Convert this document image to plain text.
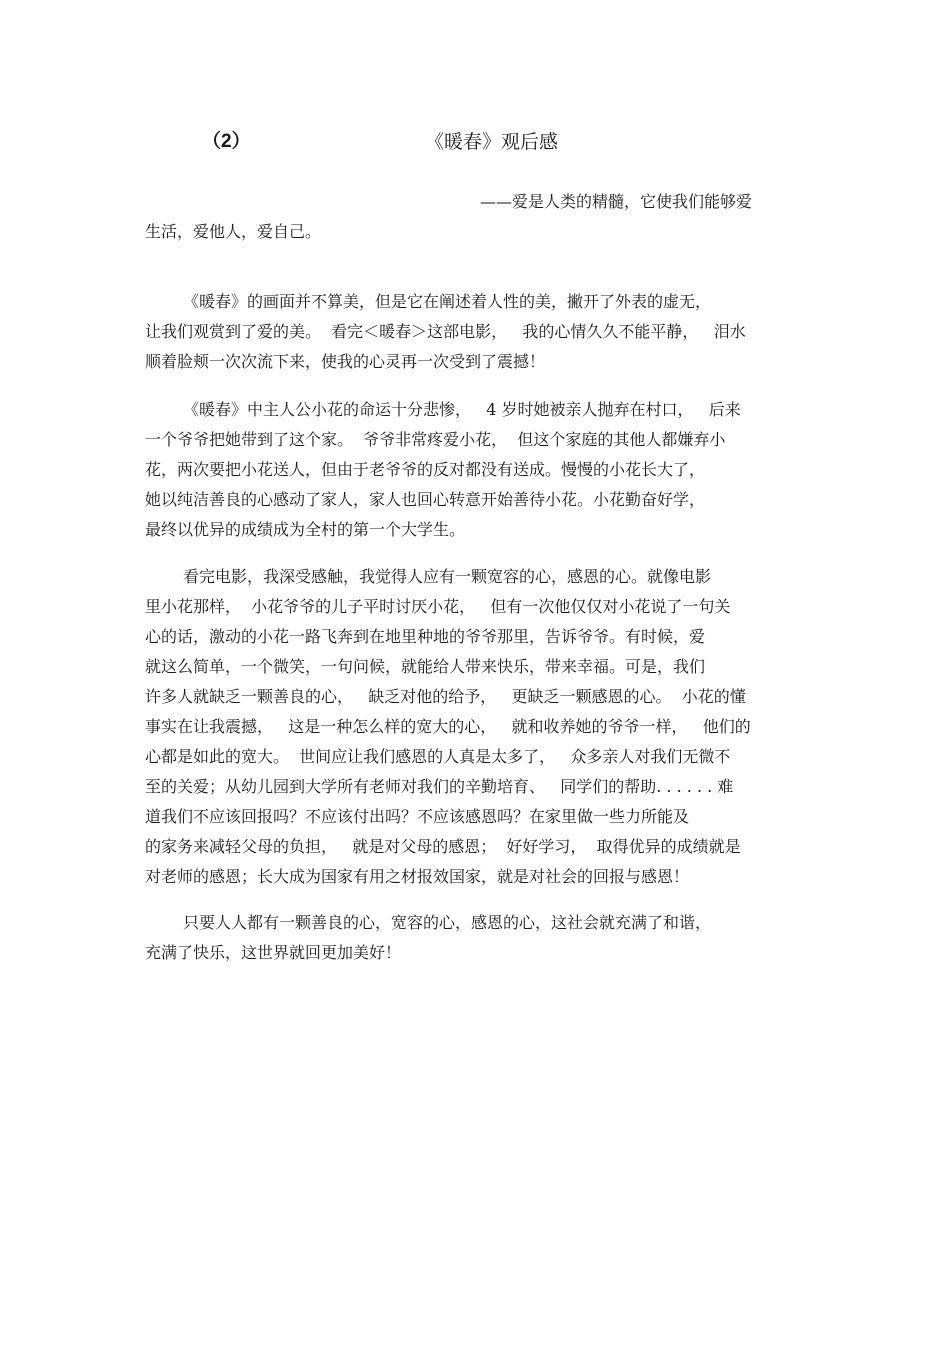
（2）	《暖春》观后感
——爱是人类的精髓，它使我们能够爱
生活，爱他人，爱自己。
《暖春》的画面并不算美，但是它在阐述着人性的美，撇开了外表的虚无，
让我们观赏到了爱的美。  看完＜暖春＞这部电影，   我的心情久久不能平静，   泪水
顺着脸颊一次次流下来，使我的心灵再一次受到了震撼！
《暖春》中主人公小花的命运十分悲惨，   4 岁时她被亲人抛弃在村口，   后来
一个爷爷把她带到了这个家。  爷爷非常疼爱小花，  但这个家庭的其他人都嫌弃小
花，两次要把小花送人，但由于老爷爷的反对都没有送成。慢慢的小花长大了，
她以纯洁善良的心感动了家人，家人也回心转意开始善待小花。小花勤奋好学，
最终以优异的成绩成为全村的第一个大学生。
看完电影，我深受感触，我觉得人应有一颗宽容的心，感恩的心。就像电影
里小花那样，  小花爷爷的儿子平时讨厌小花，   但有一次他仅仅对小花说了一句关
心的话，激动的小花一路飞奔到在地里种地的爷爷那里，告诉爷爷。有时候，爱
就这么简单，一个微笑，一句问候，就能给人带来快乐，带来幸福。可是，我们
许多人就缺乏一颗善良的心，   缺乏对他的给予，   更缺乏一颗感恩的心。  小花的懂
事实在让我震撼，   这是一种怎么样的宽大的心，   就和收养她的爷爷一样，   他们的
心都是如此的宽大。  世间应让我们感恩的人真是太多了，   众多亲人对我们无微不
至的关爱；从幼儿园到大学所有老师对我们的辛勤培育、   同学们的帮助. . . . . . 难
道我们不应该回报吗？不应该付出吗？不应该感恩吗？在家里做一些力所能及
的家务来减轻父母的负担，   就是对父母的感恩；  好好学习，  取得优异的成绩就是
对老师的感恩；长大成为国家有用之材报效国家，就是对社会的回报与感恩！
只要人人都有一颗善良的心，宽容的心，感恩的心，这社会就充满了和谐，
充满了快乐，这世界就回更加美好！
